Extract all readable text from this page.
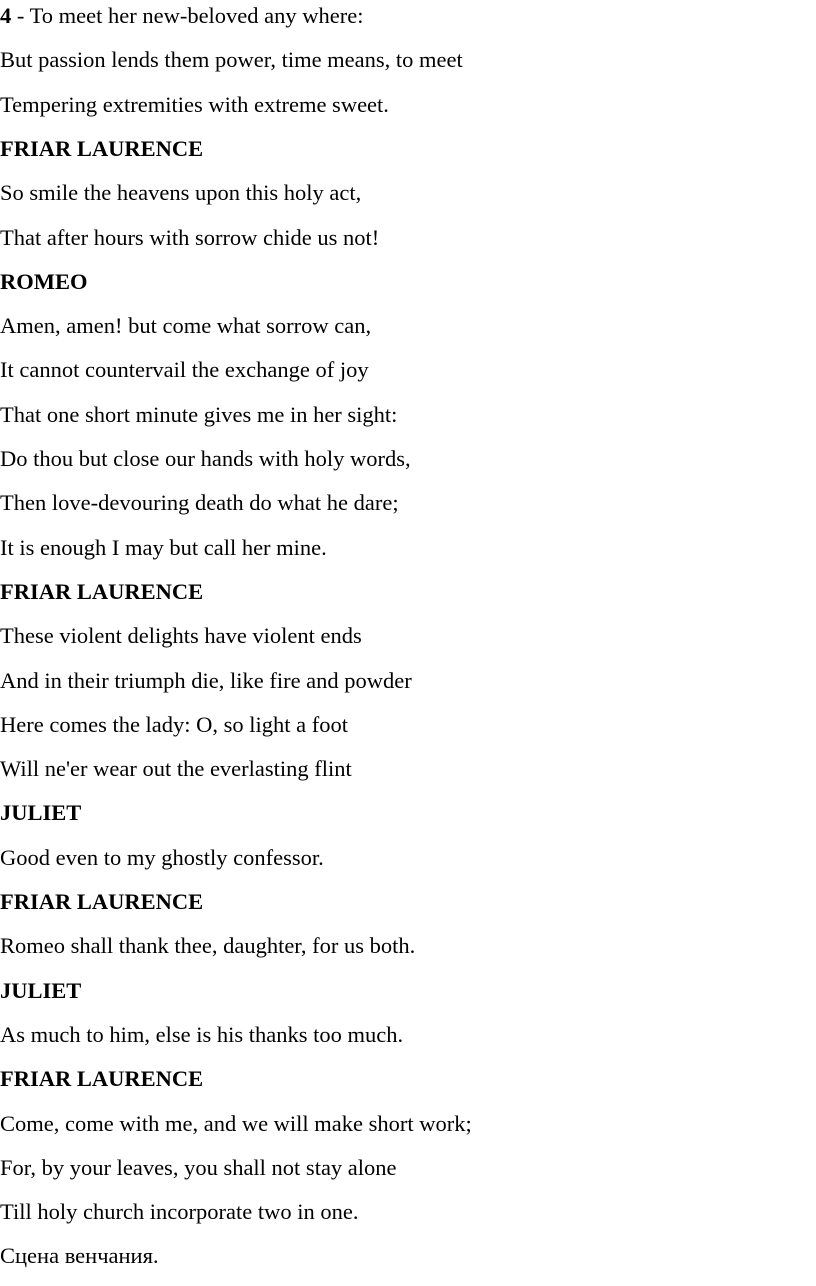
4 - To meet her new-beloved any where:
But passion lends them power, time means, to meet
Tempering extremities with extreme sweet.
FRIAR LAURENCE
So smile the heavens upon this holy act,
That after hours with sorrow chide us not!
ROMEO
Amen, amen! but come what sorrow can,
It cannot countervail the exchange of joy
That one short minute gives me in her sight:
Do thou but close our hands with holy words,
Then love-devouring death do what he dare;
It is enough I may but call her mine.
FRIAR LAURENCE
These violent delights have violent ends
And in their triumph die, like fire and powder
Here comes the lady: O, so light a foot
Will ne'er wear out the everlasting flint
JULIET
Good even to my ghostly confessor.
FRIAR LAURENCE
Romeo shall thank thee, daughter, for us both.
JULIET
As much to him, else is his thanks too much.
FRIAR LAURENCE
Come, come with me, and we will make short work;
For, by your leaves, you shall not stay alone
Till holy church incorporate two in one.
Сцена венчания.
